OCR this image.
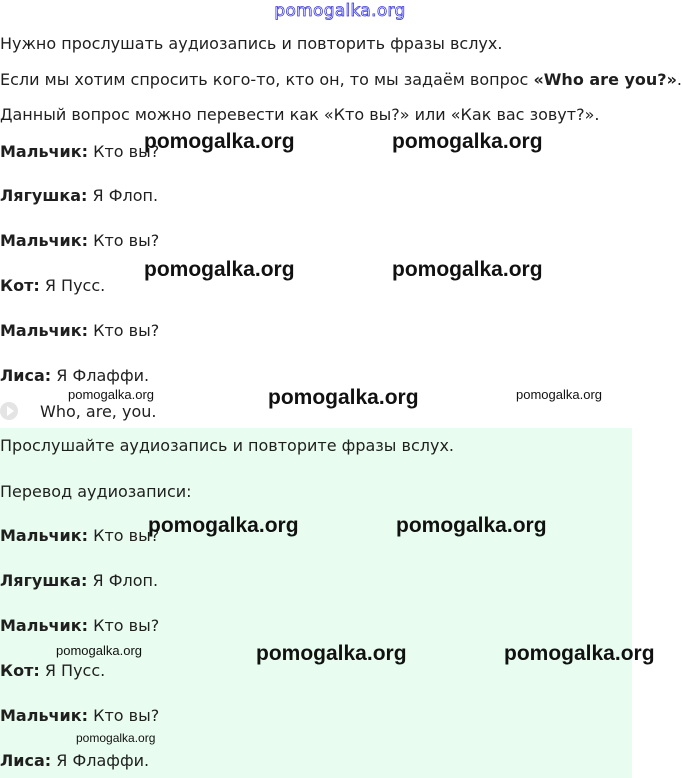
pomogalka.org
Нужно прослушать аудиозапись и повторить фразы вслух.
Если мы хотим спросить кого-то, кто он, то мы задаём вопрос «Who are you?».
Данный вопрос можно перевести как «Кто вы?» или «Как вас зовут?».
Мальчик: Кто вы?
Лягушка: Я Флоп.
Мальчик: Кто вы?
Кот: Я Пусс.
Мальчик: Кто вы?
Лиса: Я Флаффи.
Who, are, you.
Прослушайте аудиозапись и повторите фразы вслух.
Перевод аудиозаписи:
Мальчик: Кто вы?
Лягушка: Я Флоп.
Мальчик: Кто вы?
Кот: Я Пусс.
Мальчик: Кто вы?
Лиса: Я Флаффи.
pomogalka.org	pomogalka.org
pomogalka.org	pomogalka.org
pomogalka.org	pomogalka.org	pomogalka.org
pomogalka.org	pomogalka.org
pomogalka.org	pomogalka.org	pomogalka.org
pomogalka.org
